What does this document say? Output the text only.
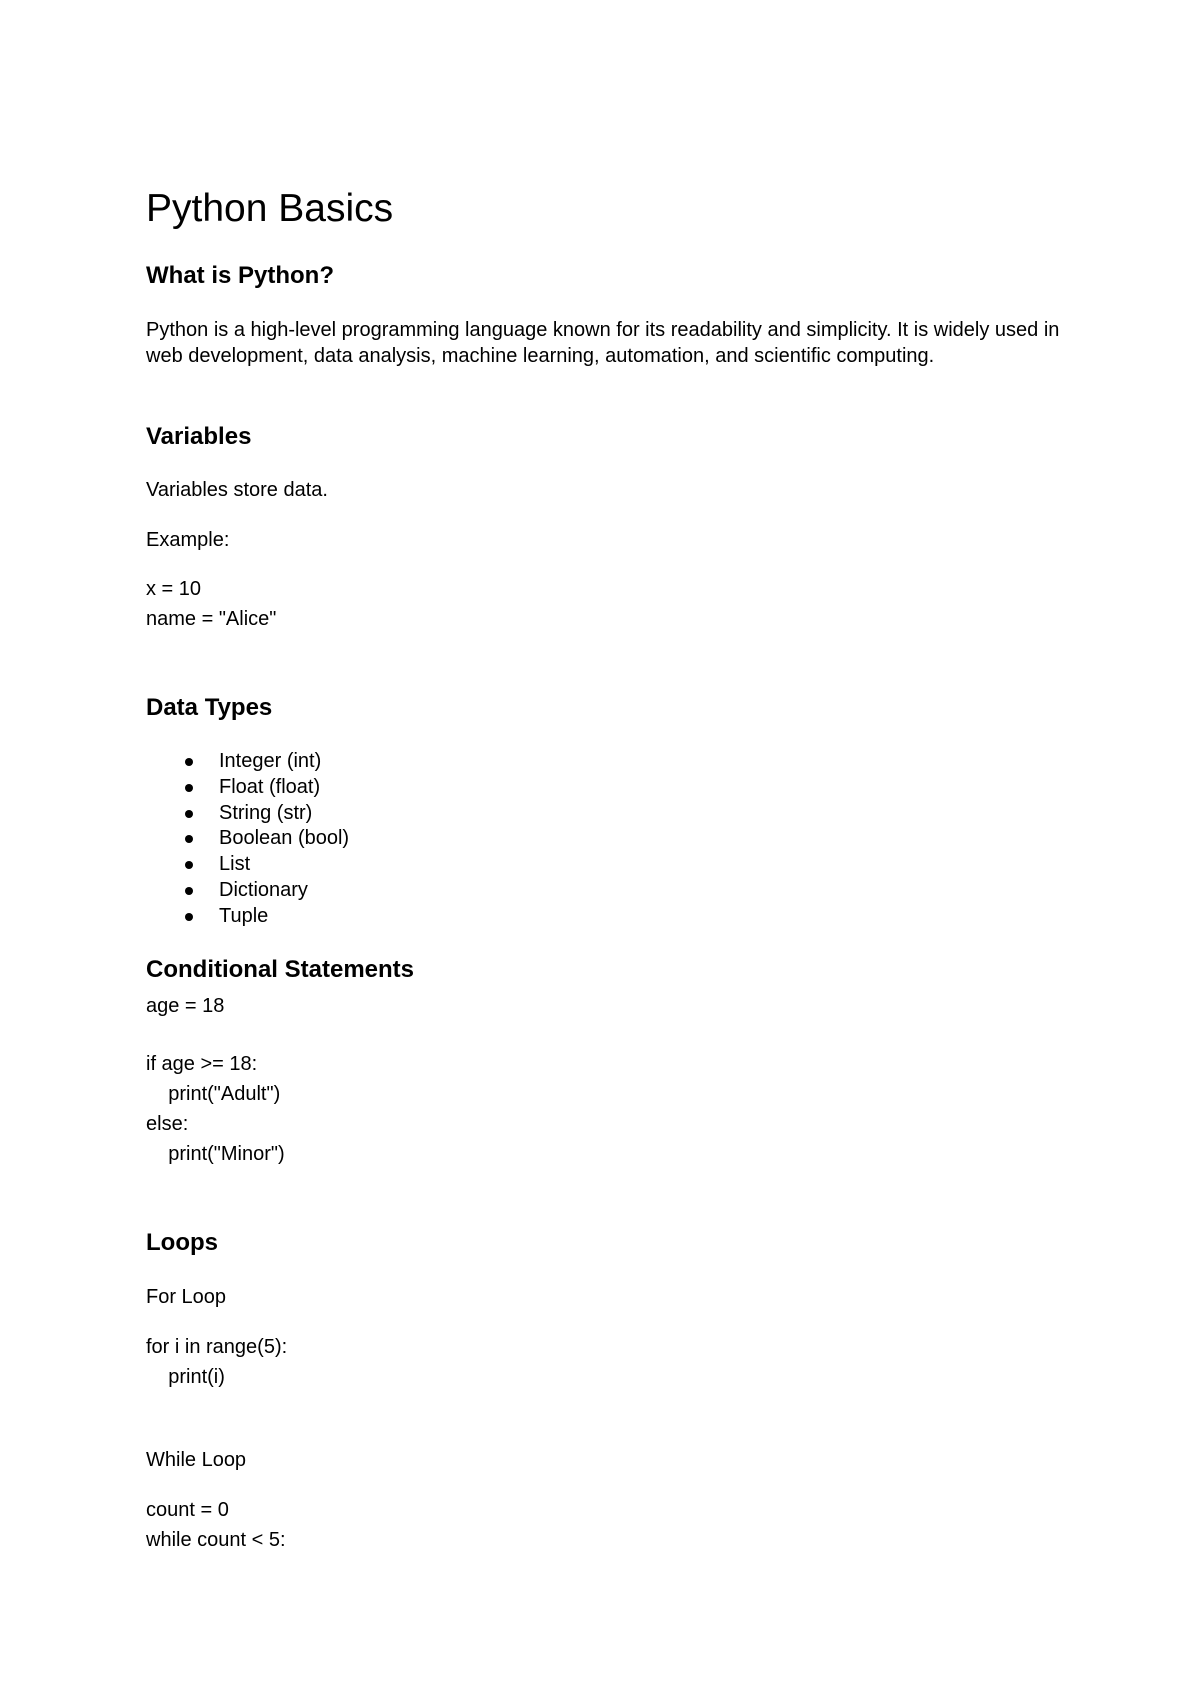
Python Basics
What is Python?

Python is a high-level programming language known for its readability and simplicity. It is widely used in web development, data analysis, machine learning, automation, and scientific computing.

Variables

Variables store data.

Example:

x = 10
name = "Alice"
Data Types
Integer (int)
Float (float)
String (str)
Boolean (bool)
List
Dictionary
Tuple
Conditional Statements
age = 18
if age >= 18:
print("Adult")
else:
print("Minor")
Loops

For Loop

for i in range(5):
print(i)

While Loop

count = 0
while count < 5:
